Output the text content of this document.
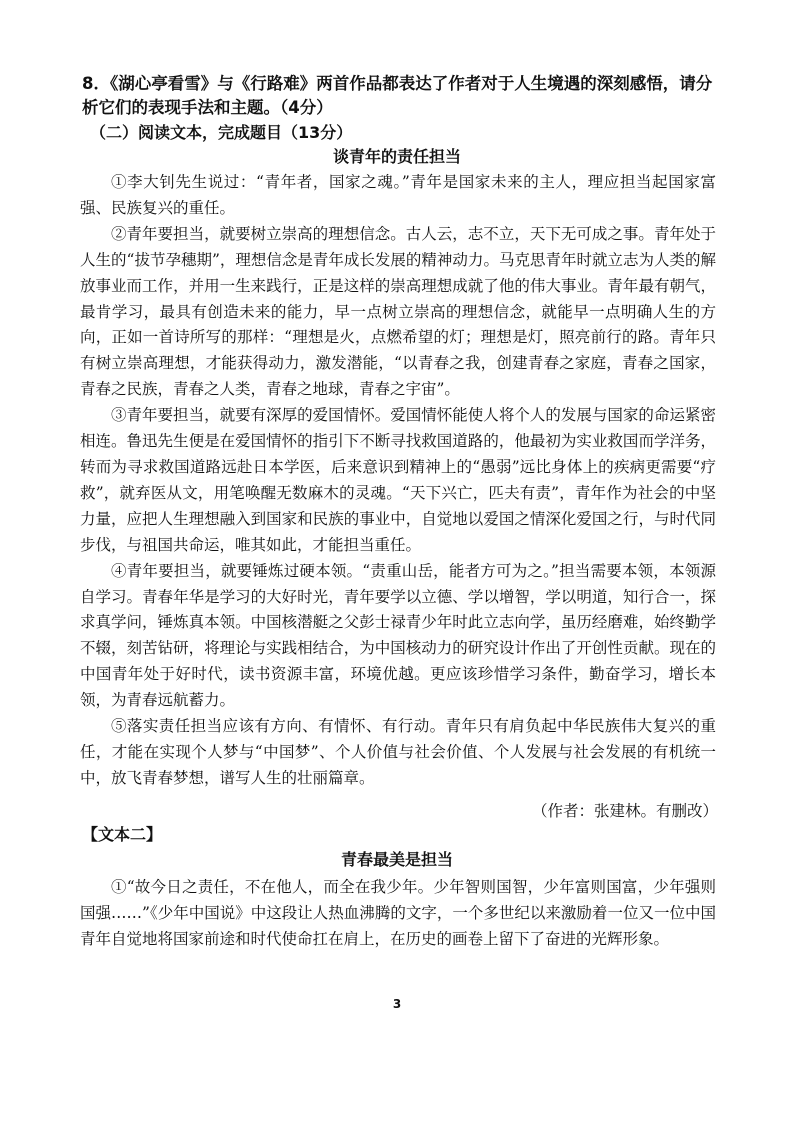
8．《湖心亭看雪》与《行路难》两首作品都表达了作者对于人生境遇的深刻感悟，请分析它们的表现手法和主题。（4分）
（二）阅读文本，完成题目（13分）
谈青年的责任担当

①李大钊先生说过：“青年者，国家之魂。”青年是国家未来的主人，理应担当起国家富强、民族复兴的重任。

②青年要担当，就要树立崇高的理想信念。古人云，志不立，天下无可成之事。青年处于人生的“拔节孕穗期”，理想信念是青年成长发展的精神动力。马克思青年时就立志为人类的解放事业而工作，并用一生来践行，正是这样的崇高理想成就了他的伟大事业。青年最有朝气，最肯学习，最具有创造未来的能力，早一点树立崇高的理想信念，就能早一点明确人生的方向，正如一首诗所写的那样：“理想是火，点燃希望的灯；理想是灯，照亮前行的路。青年只有树立崇高理想，才能获得动力，激发潜能，“以青春之我，创建青春之家庭，青春之国家，青春之民族，青春之人类，青春之地球，青春之宇宙”。

③青年要担当，就要有深厚的爱国情怀。爱国情怀能使人将个人的发展与国家的命运紧密相连。鲁迅先生便是在爱国情怀的指引下不断寻找救国道路的，他最初为实业救国而学洋务，转而为寻求救国道路远赴日本学医，后来意识到精神上的“愚弱”远比身体上的疾病更需要“疗救”，就弃医从文，用笔唤醒无数麻木的灵魂。“天下兴亡，匹夫有责”，青年作为社会的中坚力量，应把人生理想融入到国家和民族的事业中，自觉地以爱国之情深化爱国之行，与时代同步伐，与祖国共命运，唯其如此，才能担当重任。

④青年要担当，就要锤炼过硬本领。“责重山岳，能者方可为之。”担当需要本领，本领源自学习。青春年华是学习的大好时光，青年要学以立德、学以增智，学以明道，知行合一，探求真学问，锤炼真本领。中国核潜艇之父彭士禄青少年时此立志向学，虽历经磨难，始终勤学不辍，刻苦钻研，将理论与实践相结合，为中国核动力的研究设计作出了开创性贡献。现在的中国青年处于好时代，读书资源丰富，环境优越。更应该珍惜学习条件，勤奋学习，增长本领，为青春远航蓄力。

⑤落实责任担当应该有方向、有情怀、有行动。青年只有肩负起中华民族伟大复兴的重任，才能在实现个人梦与“中国梦”、个人价值与社会价值、个人发展与社会发展的有机统一中，放飞青春梦想，谱写人生的壮丽篇章。

（作者：张建林。有删改）
【文本二】
青春最美是担当

①“故今日之责任，不在他人，而全在我少年。少年智则国智，少年富则国富，少年强则国强……”《少年中国说》中这段让人热血沸腾的文字，一个多世纪以来激励着一位又一位中国青年自觉地将国家前途和时代使命扛在肩上，在历史的画卷上留下了奋进的光辉形象。

3
